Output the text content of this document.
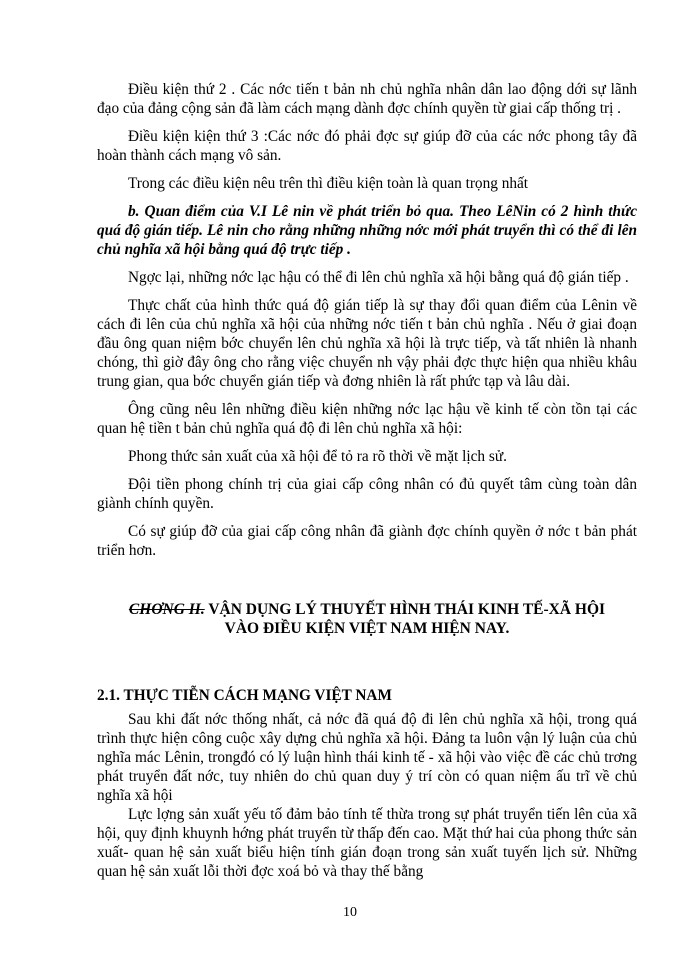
Điều kiện thứ 2 . Các nớc tiến t bản nh chủ nghĩa nhân dân lao động dới sự lãnh đạo của đảng cộng sản đã làm cách mạng dành đợc chính quyền từ giai cấp thống trị .

Điều kiện kiện thứ 3 :Các nớc đó phải đợc sự giúp đỡ của các nớc phong tây đã hoàn thành cách mạng vô sản.

Trong các điều kiện nêu trên thì điều kiện toàn là quan trọng nhất

b. Quan điểm của V.I Lê nin về phát triển bỏ qua. Theo LêNin có 2 hình thức quá độ gián tiếp. Lê nin cho rằng những những nớc mới phát truyển thì có thể đi lên chủ nghĩa xã hội bằng quá độ trực tiếp .

Ngợc lại, những nớc lạc hậu có thể đi lên chủ nghĩa xã hội bằng quá độ gián tiếp .

Thực chất của hình thức quá độ gián tiếp là sự thay đổi quan điểm của Lênin về cách đi lên của chủ nghĩa xã hội của những nớc tiến t bản chủ nghĩa . Nếu ở giai đoạn đầu ông quan niệm bớc chuyển lên chủ nghĩa xã hội là trực tiếp, và tất nhiên là nhanh chóng, thì giờ đây ông cho rằng việc chuyển nh vậy phải đợc thực hiện qua nhiều khâu trung gian, qua bớc chuyển gián tiếp và đơng nhiên là rất phức tạp và lâu dài.

Ông cũng nêu lên những điều kiện những nớc lạc hậu về kinh tế còn tồn tại các quan hệ tiền t bản chủ nghĩa quá độ đi lên chủ nghĩa xã hội:

Phong thức sản xuất của xã hội để tỏ ra rõ thời về mặt lịch sử.

Đội tiền phong chính trị của giai cấp công nhân có đủ quyết tâm cùng toàn dân giành chính quyền.

Có sự giúp đỡ của giai cấp công nhân đã giành đợc chính quyền ở nớc t bản phát triển hơn.

CHƠNG II. VẬN DỤNG LÝ THUYẾT HÌNH THÁI KINH TẾ-XÃ HỘI
VÀO ĐIỀU KIỆN VIỆT NAM HIỆN NAY.

2.1. THỰC TIỄN CÁCH MẠNG VIỆT NAM

Sau khi đất nớc thống nhất, cả nớc đã quá độ đi lên chủ nghĩa xã hội, trong quá trình thực hiện công cuộc xây dựng chủ nghĩa xã hội. Đảng ta luôn vận lý luận của chủ nghĩa mác Lênin, trongđó có lý luận hình thái kinh tế - xã hội vào việc đề các chủ trơng phát truyển đất nớc, tuy nhiên do chủ quan duy ý trí còn có quan niệm ấu trĩ về chủ nghĩa xã hội

Lực lợng sản xuất yếu tố đảm bảo tính tế thừa trong sự phát truyển tiến lên của xã hội, quy định khuynh hớng phát truyển từ thấp đến cao. Mặt thứ hai của phong thức sản xuất- quan hệ sản xuất biểu hiện tính gián đoạn trong sản xuất tuyến lịch sử. Những quan hệ sản xuất lỗi thời đợc xoá bỏ và thay thế bằng

10
